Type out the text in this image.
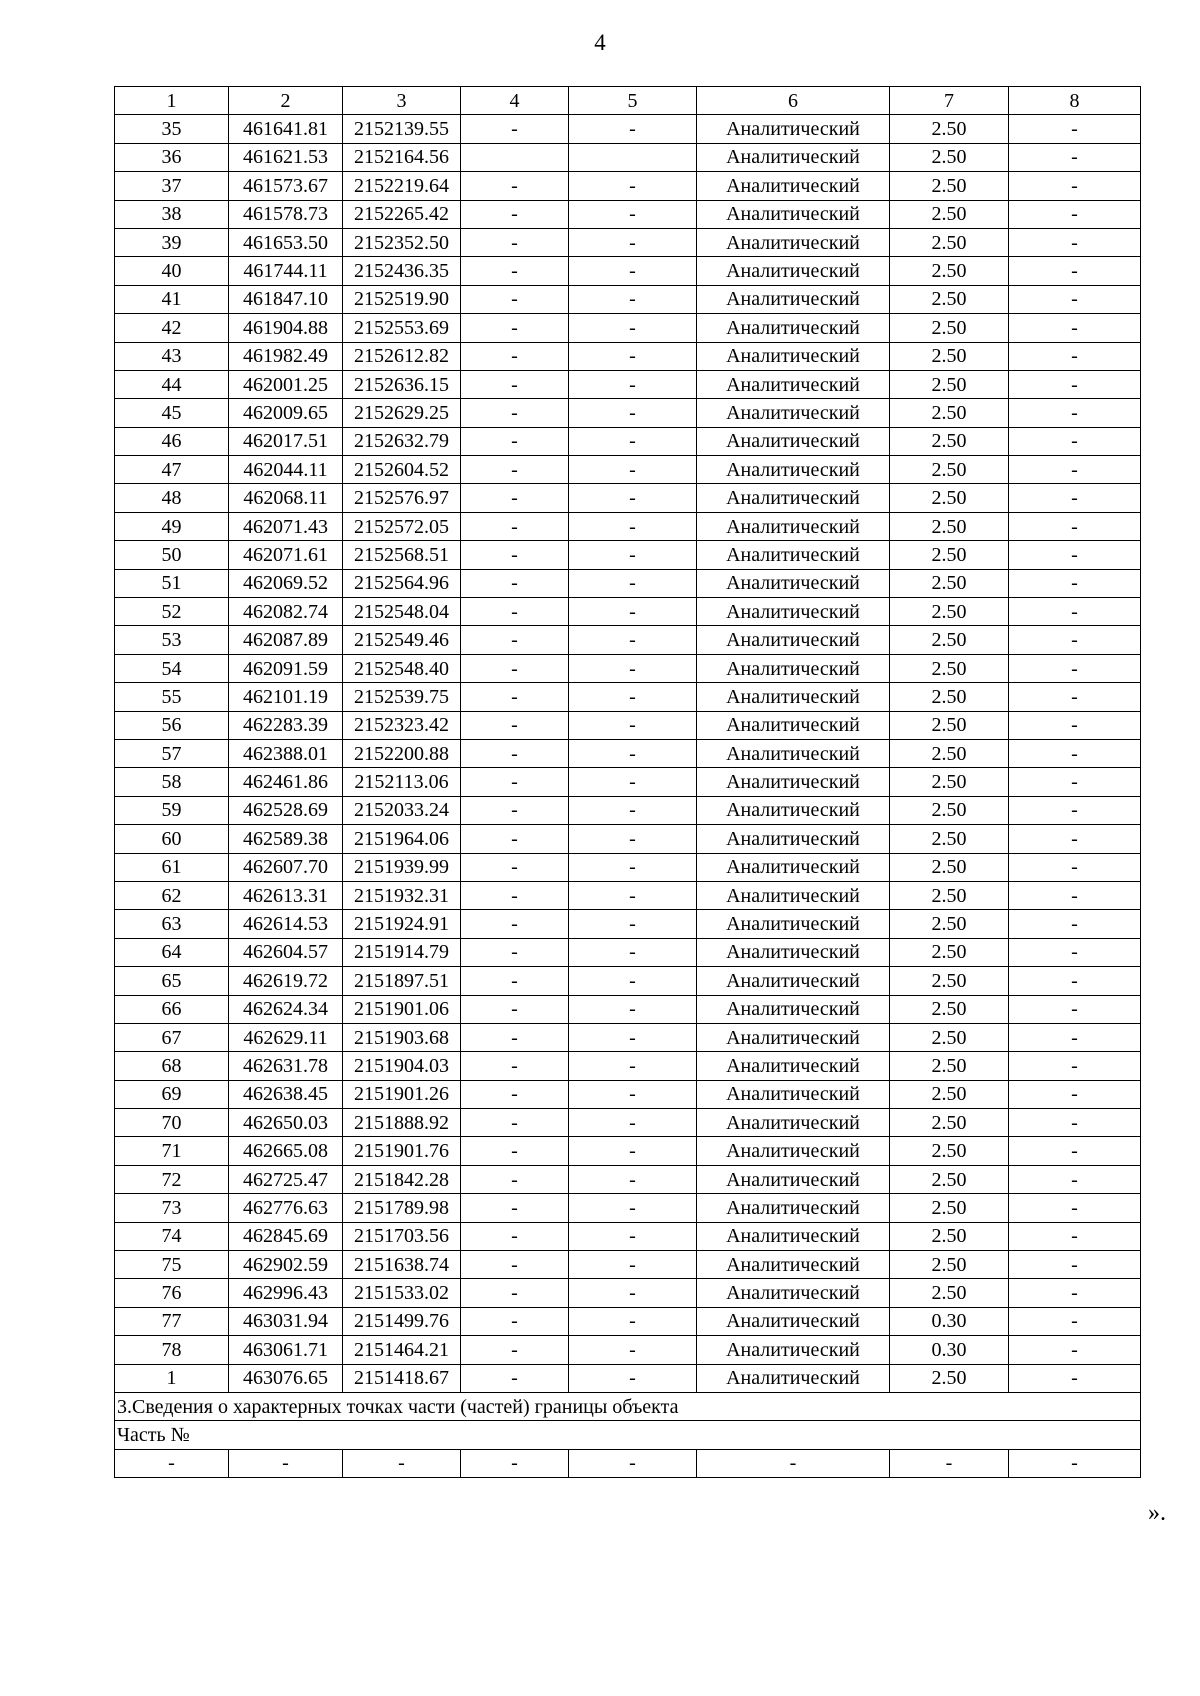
4
1	2	3	4	5	6	7	8
35	461641.81	2152139.55	-	-	Аналитический	2.50	-
36	461621.53	2152164.56			Аналитический	2.50	-
37	461573.67	2152219.64	-	-	Аналитический	2.50	-
38	461578.73	2152265.42	-	-	Аналитический	2.50	-
39	461653.50	2152352.50	-	-	Аналитический	2.50	-
40	461744.11	2152436.35	-	-	Аналитический	2.50	-
41	461847.10	2152519.90	-	-	Аналитический	2.50	-
42	461904.88	2152553.69	-	-	Аналитический	2.50	-
43	461982.49	2152612.82	-	-	Аналитический	2.50	-
44	462001.25	2152636.15	-	-	Аналитический	2.50	-
45	462009.65	2152629.25	-	-	Аналитический	2.50	-
46	462017.51	2152632.79	-	-	Аналитический	2.50	-
47	462044.11	2152604.52	-	-	Аналитический	2.50	-
48	462068.11	2152576.97	-	-	Аналитический	2.50	-
49	462071.43	2152572.05	-	-	Аналитический	2.50	-
50	462071.61	2152568.51	-	-	Аналитический	2.50	-
51	462069.52	2152564.96	-	-	Аналитический	2.50	-
52	462082.74	2152548.04	-	-	Аналитический	2.50	-
53	462087.89	2152549.46	-	-	Аналитический	2.50	-
54	462091.59	2152548.40	-	-	Аналитический	2.50	-
55	462101.19	2152539.75	-	-	Аналитический	2.50	-
56	462283.39	2152323.42	-	-	Аналитический	2.50	-
57	462388.01	2152200.88	-	-	Аналитический	2.50	-
58	462461.86	2152113.06	-	-	Аналитический	2.50	-
59	462528.69	2152033.24	-	-	Аналитический	2.50	-
60	462589.38	2151964.06	-	-	Аналитический	2.50	-
61	462607.70	2151939.99	-	-	Аналитический	2.50	-
62	462613.31	2151932.31	-	-	Аналитический	2.50	-
63	462614.53	2151924.91	-	-	Аналитический	2.50	-
64	462604.57	2151914.79	-	-	Аналитический	2.50	-
65	462619.72	2151897.51	-	-	Аналитический	2.50	-
66	462624.34	2151901.06	-	-	Аналитический	2.50	-
67	462629.11	2151903.68	-	-	Аналитический	2.50	-
68	462631.78	2151904.03	-	-	Аналитический	2.50	-
69	462638.45	2151901.26	-	-	Аналитический	2.50	-
70	462650.03	2151888.92	-	-	Аналитический	2.50	-
71	462665.08	2151901.76	-	-	Аналитический	2.50	-
72	462725.47	2151842.28	-	-	Аналитический	2.50	-
73	462776.63	2151789.98	-	-	Аналитический	2.50	-
74	462845.69	2151703.56	-	-	Аналитический	2.50	-
75	462902.59	2151638.74	-	-	Аналитический	2.50	-
76	462996.43	2151533.02	-	-	Аналитический	2.50	-
77	463031.94	2151499.76	-	-	Аналитический	0.30	-
78	463061.71	2151464.21	-	-	Аналитический	0.30	-
1	463076.65	2151418.67	-	-	Аналитический	2.50	-
3.Сведения о характерных точках части (частей) границы объекта							
Часть №							
-	-	-	-	-	-	-	-
».
